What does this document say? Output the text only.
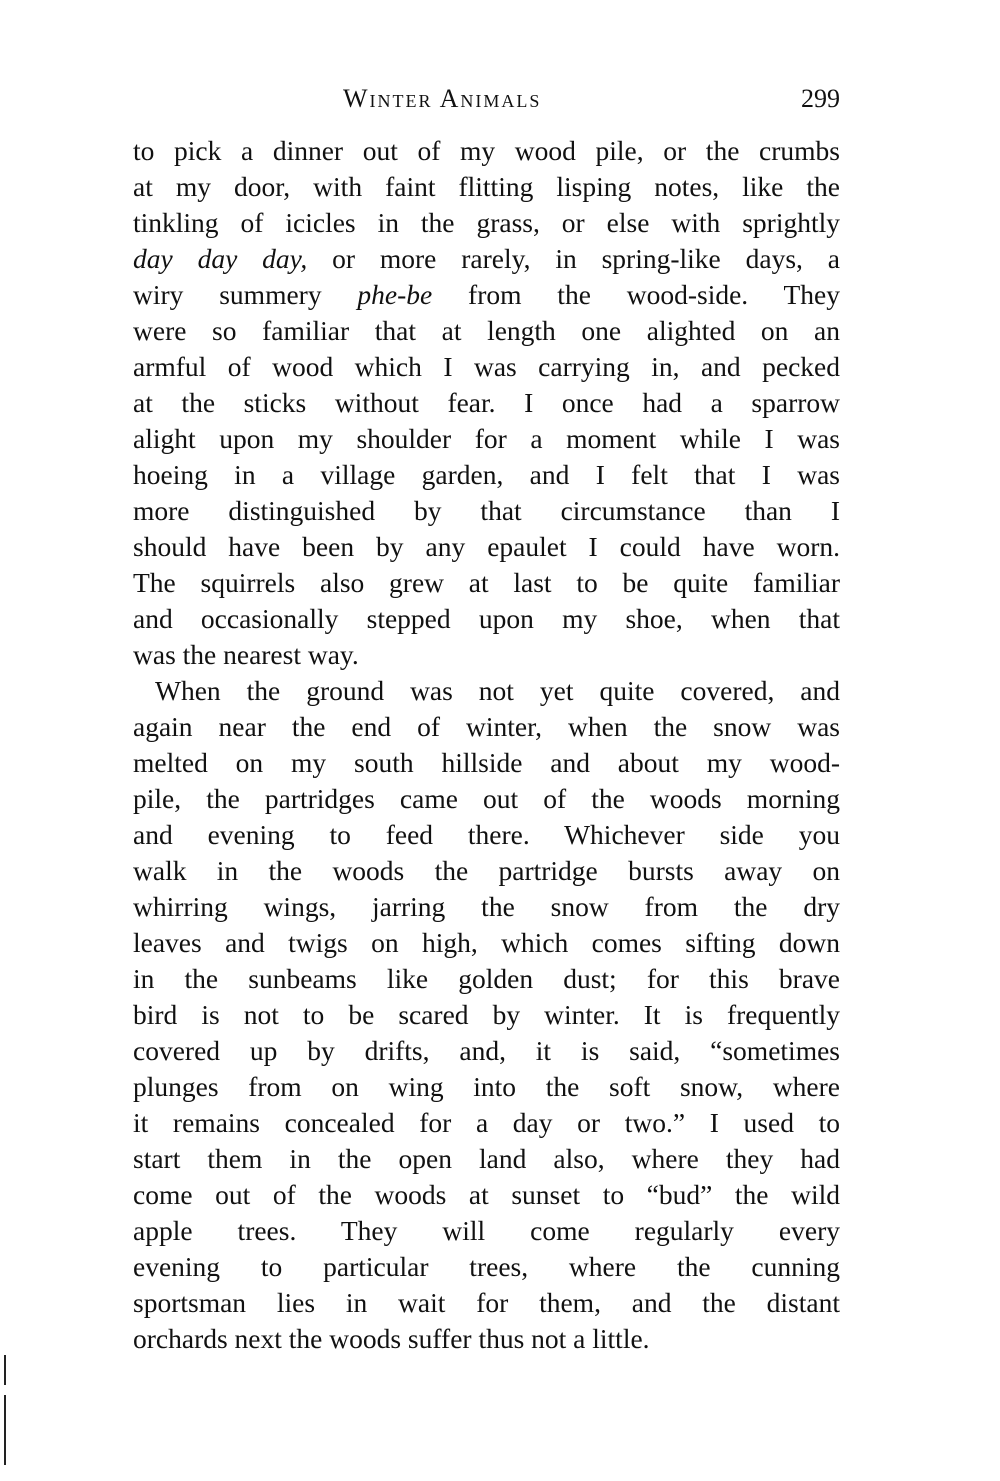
Winter Animals	299
to pick a dinner out of my wood pile, or the crumbs
at my door, with faint flitting lisping notes, like the
tinkling of icicles in the grass, or else with sprightly
day day day, or more rarely, in spring-like days, a
wiry summery phe-be from the wood-side. They
were so familiar that at length one alighted on an
armful of wood which I was carrying in, and pecked
at the sticks without fear. I once had a sparrow
alight upon my shoulder for a moment while I was
hoeing in a village garden, and I felt that I was
more distinguished by that circumstance than I
should have been by any epaulet I could have worn.
The squirrels also grew at last to be quite familiar
and occasionally stepped upon my shoe, when that
was the nearest way.
When the ground was not yet quite covered, and
again near the end of winter, when the snow was
melted on my south hillside and about my wood-
pile, the partridges came out of the woods morning
and evening to feed there. Whichever side you
walk in the woods the partridge bursts away on
whirring wings, jarring the snow from the dry
leaves and twigs on high, which comes sifting down
in the sunbeams like golden dust; for this brave
bird is not to be scared by winter. It is frequently
covered up by drifts, and, it is said, “sometimes
plunges from on wing into the soft snow, where
it remains concealed for a day or two.” I used to
start them in the open land also, where they had
come out of the woods at sunset to “bud” the wild
apple trees. They will come regularly every
evening to particular trees, where the cunning
sportsman lies in wait for them, and the distant
orchards next the woods suffer thus not a little.
